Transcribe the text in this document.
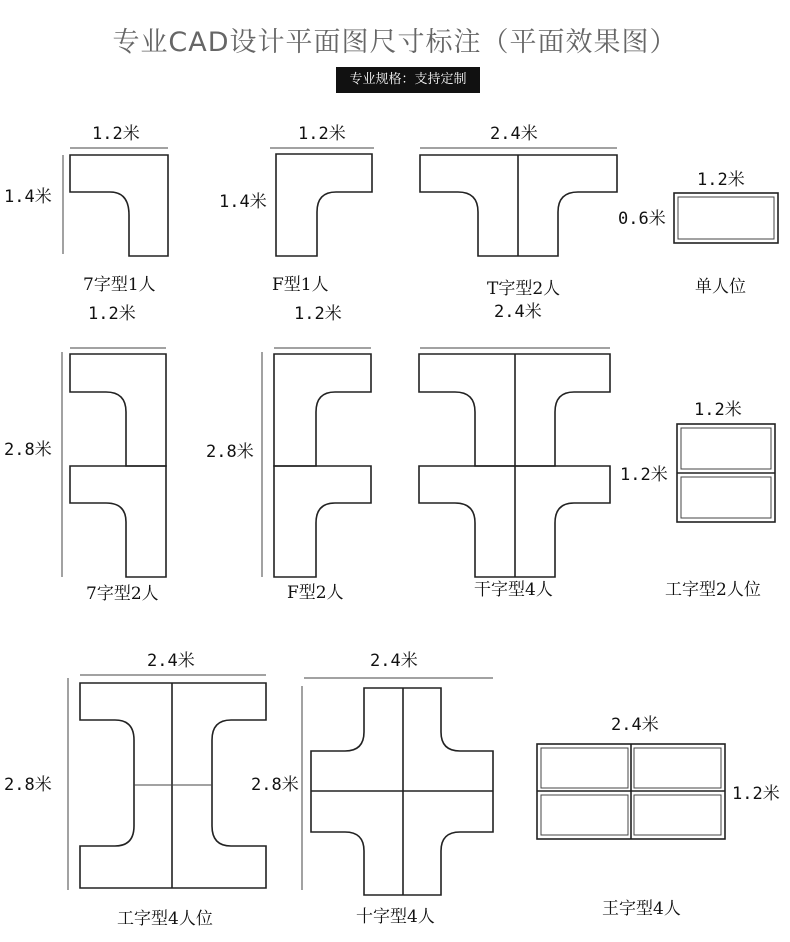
专业CAD设计平面图尺寸标注（平面效果图）
专业规格：支持定制
1.2米
1.4米
7字型1人
1.2米
1.4米
F型1人
2.4米
T字型2人
1.2米
0.6米
单人位
1.2米
2.8米
7字型2人
1.2米
2.8米
F型2人
2.4米
干字型4人
1.2米
1.2米
工字型2人位
2.4米
2.8米
工字型4人位
2.4米
2.8米
十字型4人
2.4米
1.2米
王字型4人
